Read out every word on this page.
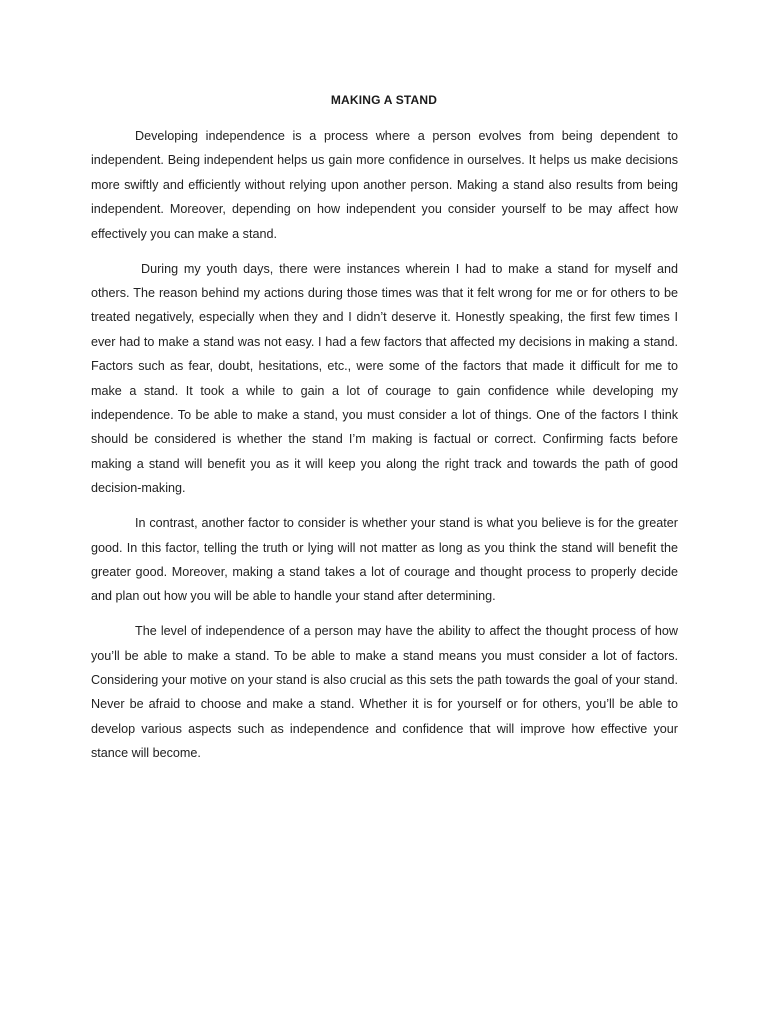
MAKING A STAND

Developing independence is a process where a person evolves from being dependent to independent. Being independent helps us gain more confidence in ourselves. It helps us make decisions more swiftly and efficiently without relying upon another person. Making a stand also results from being independent. Moreover, depending on how independent you consider yourself to be may affect how effectively you can make a stand.

During my youth days, there were instances wherein I had to make a stand for myself and others. The reason behind my actions during those times was that it felt wrong for me or for others to be treated negatively, especially when they and I didn’t deserve it. Honestly speaking, the first few times I ever had to make a stand was not easy. I had a few factors that affected my decisions in making a stand. Factors such as fear, doubt, hesitations, etc., were some of the factors that made it difficult for me to make a stand. It took a while to gain a lot of courage to gain confidence while developing my independence. To be able to make a stand, you must consider a lot of things. One of the factors I think should be considered is whether the stand I’m making is factual or correct. Confirming facts before making a stand will benefit you as it will keep you along the right track and towards the path of good decision-making.

In contrast, another factor to consider is whether your stand is what you believe is for the greater good. In this factor, telling the truth or lying will not matter as long as you think the stand will benefit the greater good. Moreover, making a stand takes a lot of courage and thought process to properly decide and plan out how you will be able to handle your stand after determining.

The level of independence of a person may have the ability to affect the thought process of how you’ll be able to make a stand. To be able to make a stand means you must consider a lot of factors. Considering your motive on your stand is also crucial as this sets the path towards the goal of your stand. Never be afraid to choose and make a stand. Whether it is for yourself or for others, you’ll be able to develop various aspects such as independence and confidence that will improve how effective your stance will become.
